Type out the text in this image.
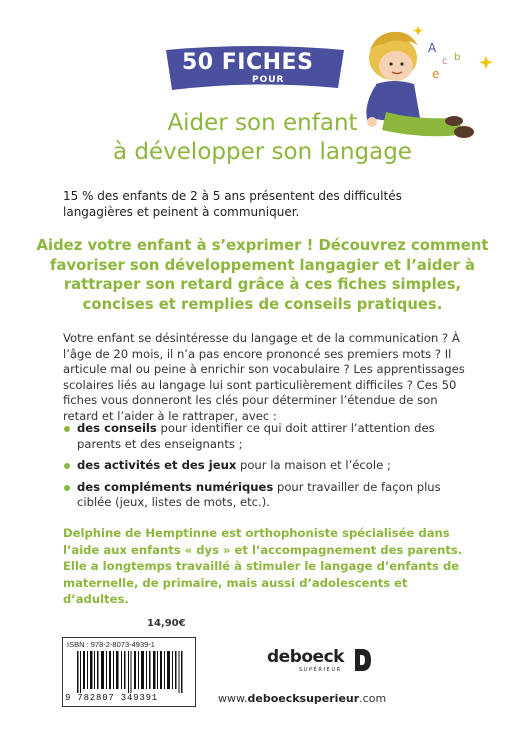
50 FICHES
POUR
A
b
c
e
Aider son enfant
à développer son langage
15 % des enfants de 2 à 5 ans présentent des difficultés langagières et peinent à communiquer.
Aidez votre enfant à s’exprimer ! Découvrez comment favoriser son développement langagier et l’aider à rattraper son retard grâce à ces fiches simples, concises et remplies de conseils pratiques.

Votre enfant se désintéresse du langage et de la communication ? À l’âge de 20 mois, il n’a pas encore prononcé ses premiers mots ? Il articule mal ou peine à enrichir son vocabulaire ? Les apprentissages scolaires liés au langage lui sont particulièrement difficiles ? Ces 50 fiches vous donneront les clés pour déterminer l’étendue de son retard et l’aider à le rattraper, avec :

des conseils pour identifier ce qui doit attirer l’attention des parents et des enseignants ;
des activités et des jeux pour la maison et l’école ;
des compléments numériques pour travailler de façon plus ciblée (jeux, listes de mots, etc.).
Delphine de Hemptinne est orthophoniste spécialisée dans l’aide aux enfants « dys » et l’accompagnement des parents. Elle a longtemps travaillé à stimuler le langage d’enfants de maternelle, de primaire, mais aussi d’adolescents et d’adultes.
14,90€
ISBN : 978-2-8073-4939-1
9 782807 349391
deboeck
SUPÉRIEUR
www.deboecksuperieur.com
